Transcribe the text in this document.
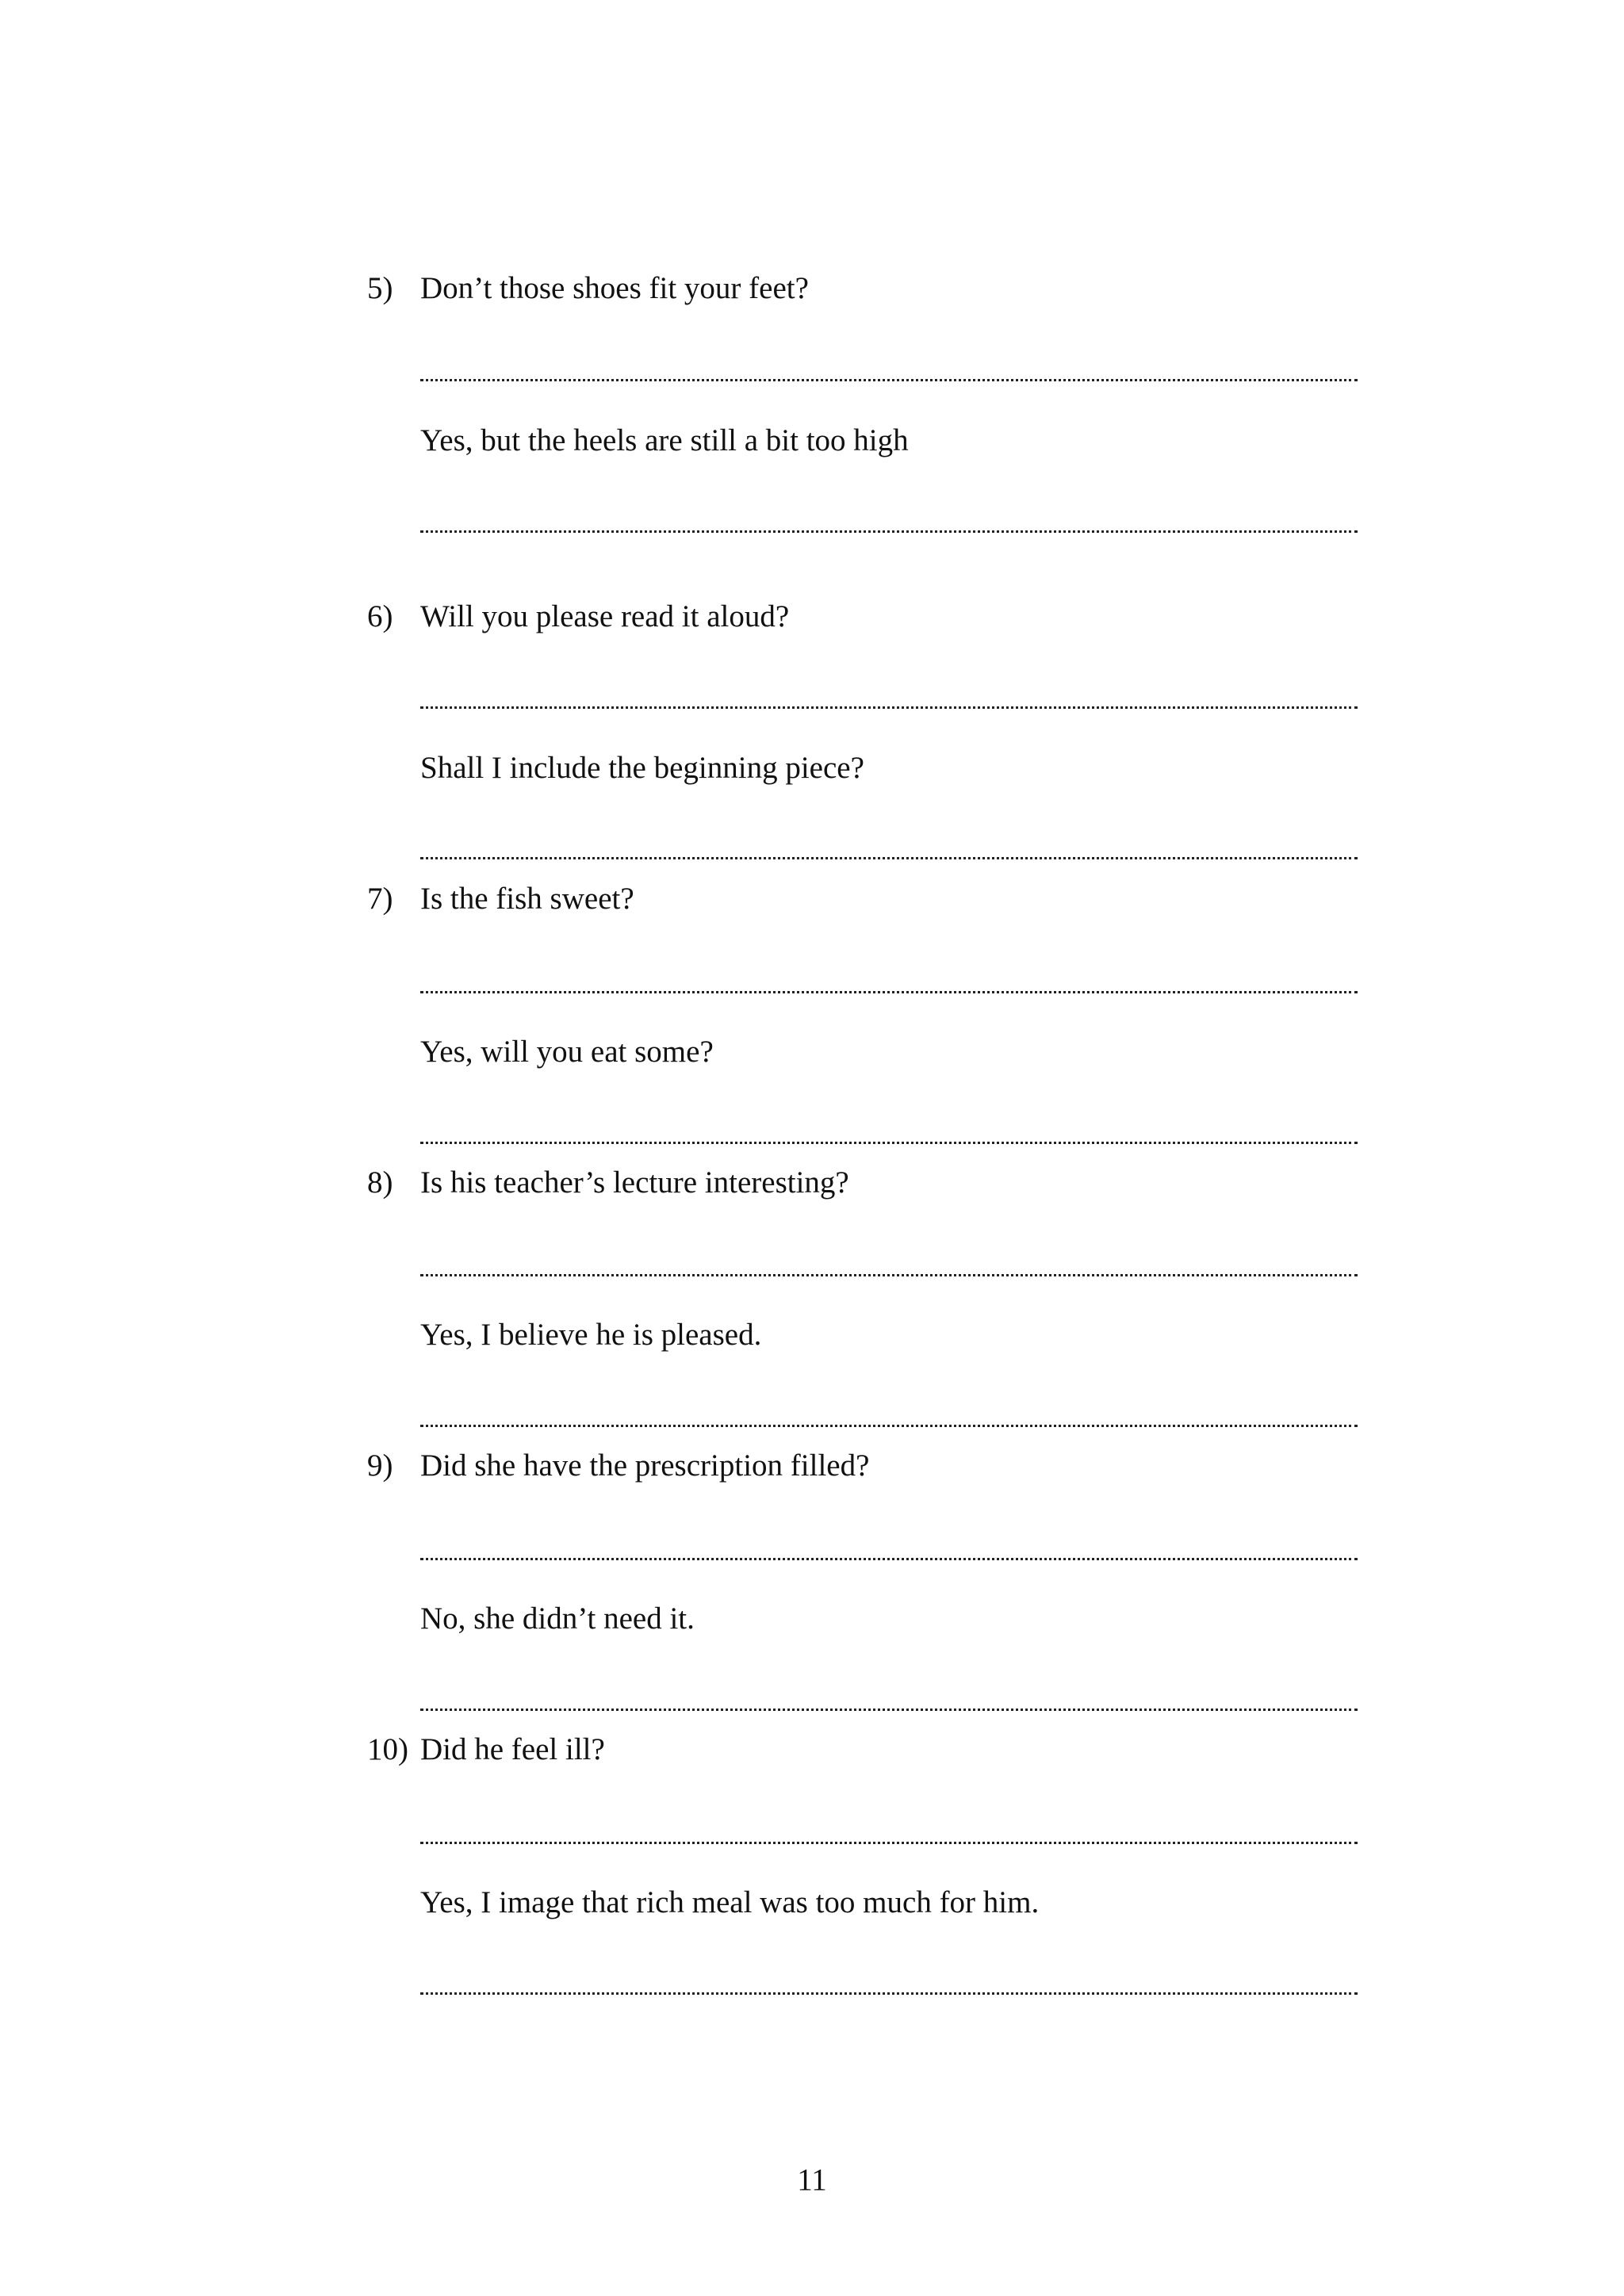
5) Don’t those shoes fit your feet?
Yes, but the heels are still a bit too high
6) Will you please read it aloud?
Shall I include the beginning piece?
7) Is the fish sweet?
Yes, will you eat some?
8) Is his teacher’s lecture interesting?
Yes, I believe he is pleased.
9) Did she have the prescription filled?
No, she didn’t need it.
10) Did he feel ill?
Yes, I image that rich meal was too much for him.
11
